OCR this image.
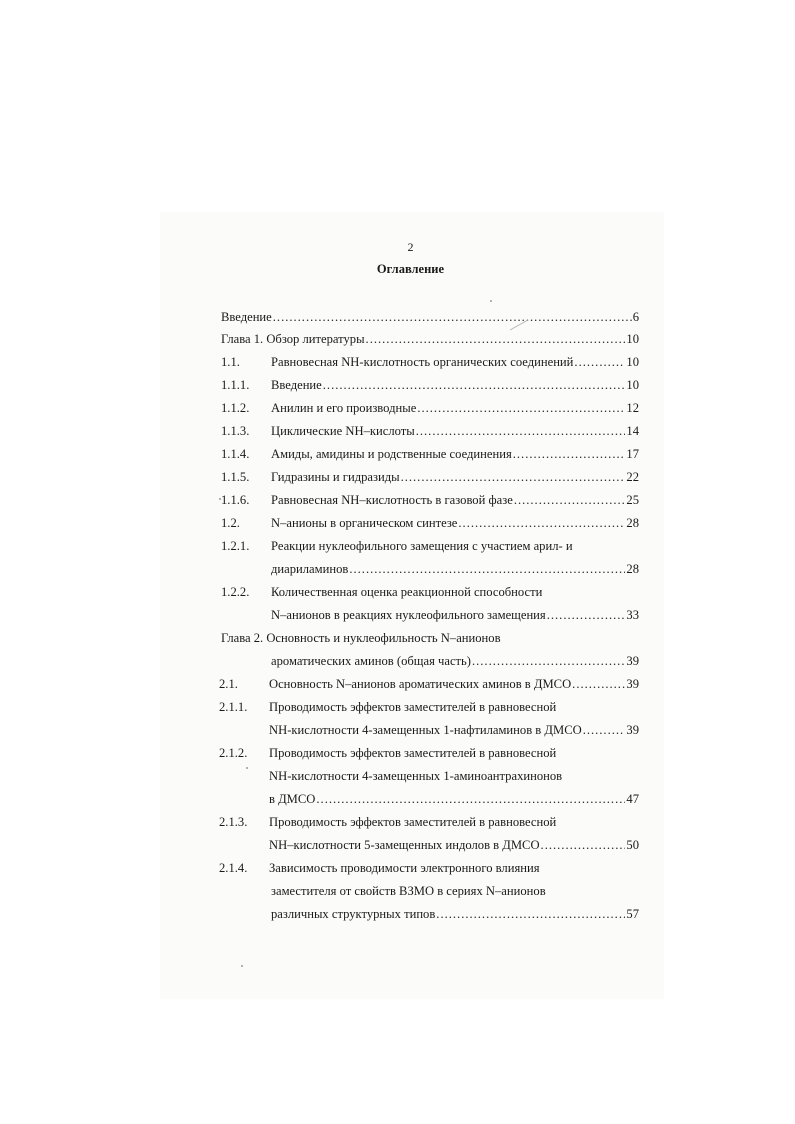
2
Оглавление
Введение .....	6
Глава 1. Обзор литературы .....	10
1.1. Равновесная NH-кислотность органических соединений .....	10
1.1.1. Введение .....	10
1.1.2. Анилин и его производные .....	12
1.1.3. Циклические NH–кислоты .....	14
1.1.4. Амиды, амидины и родственные соединения .....	17
1.1.5. Гидразины и гидразиды .....	22
1.1.6. Равновесная NH–кислотность в газовой фазе .....	25
1.2. N–анионы в органическом синтезе .....	28
1.2.1. Реакции нуклеофильного замещения с участием арил- и
диариламинов .....	28
1.2.2. Количественная оценка реакционной способности
N–анионов в реакциях нуклеофильного замещения .....	33
Глава 2. Основность и нуклеофильность N–анионов
ароматических аминов (общая часть) .....	39
2.1. Основность N–анионов ароматических аминов в ДМСО .....	39
2.1.1. Проводимость эффектов заместителей в равновесной
NH-кислотности 4-замещенных 1-нафтиламинов в ДМСО .....	39
2.1.2. Проводимость эффектов заместителей в равновесной
NH-кислотности 4-замещенных 1-аминоантрахинонов
в ДМСО .....	47
2.1.3. Проводимость эффектов заместителей в равновесной
NH–кислотности 5-замещенных индолов в ДМСО .....	50
2.1.4. Зависимость проводимости электронного влияния
заместителя от свойств ВЗМО в сериях N–анионов
различных структурных типов .....	57
